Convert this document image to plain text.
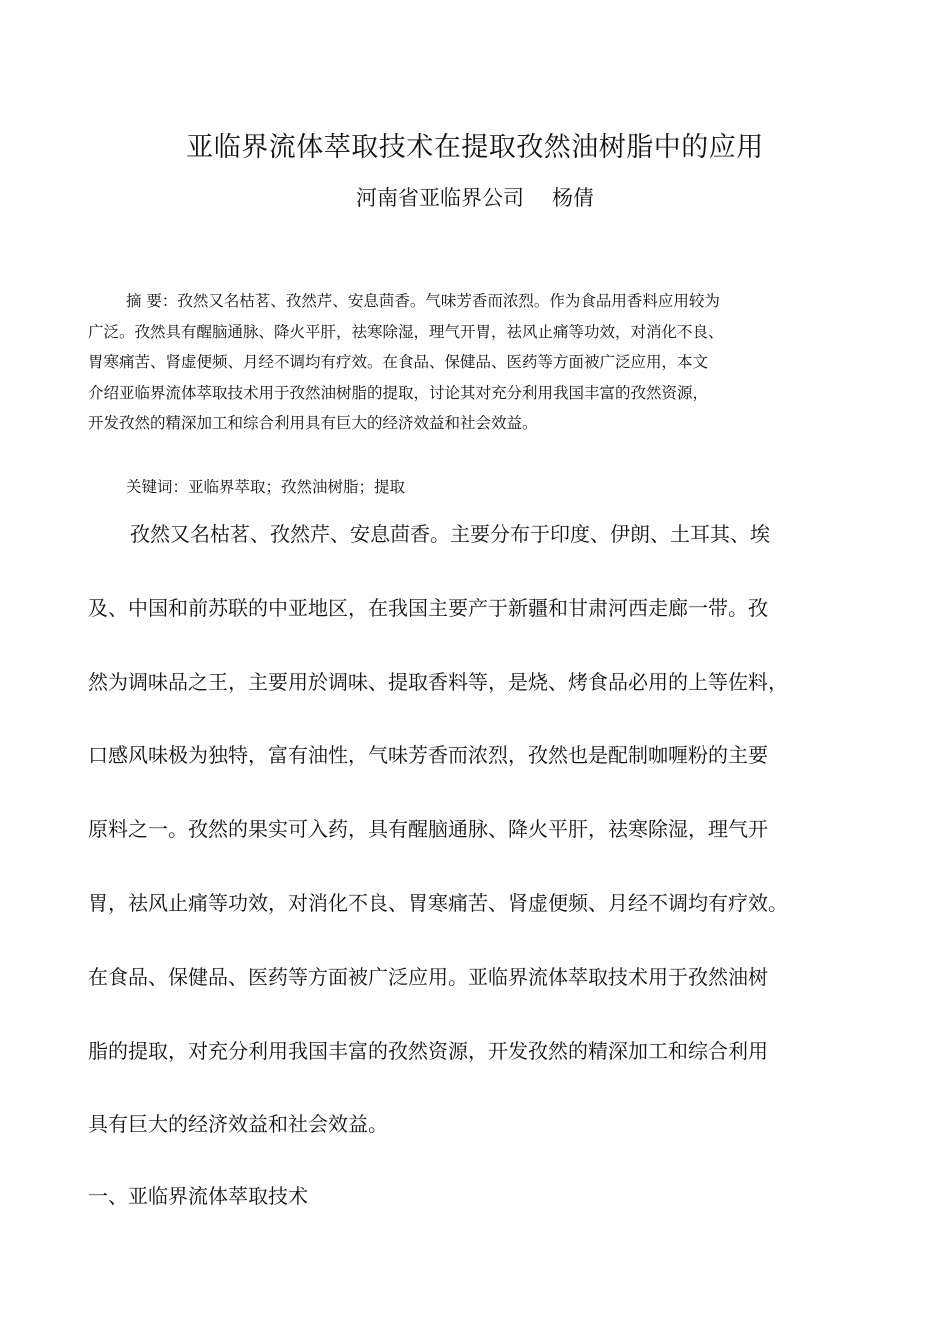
亚临界流体萃取技术在提取孜然油树脂中的应用
河南省亚临界公司 杨倩
摘 要：孜然又名枯茗、孜然芹、安息茴香。气味芳香而浓烈。作为食品用香料应用较为
广泛。孜然具有醒脑通脉、降火平肝，祛寒除湿，理气开胃，祛风止痛等功效，对消化不良、
胃寒痛苦、肾虚便频、月经不调均有疗效。在食品、保健品、医药等方面被广泛应用，本文
介绍亚临界流体萃取技术用于孜然油树脂的提取，讨论其对充分利用我国丰富的孜然资源，
开发孜然的精深加工和综合利用具有巨大的经济效益和社会效益。
关键词：亚临界萃取；孜然油树脂；提取
孜然又名枯茗、孜然芹、安息茴香。主要分布于印度、伊朗、土耳其、埃
及、中国和前苏联的中亚地区，在我国主要产于新疆和甘肃河西走廊一带。孜
然为调味品之王，主要用於调味、提取香料等，是烧、烤食品必用的上等佐料，
口感风味极为独特，富有油性，气味芳香而浓烈，孜然也是配制咖喱粉的主要
原料之一。孜然的果实可入药，具有醒脑通脉、降火平肝，祛寒除湿，理气开
胃，祛风止痛等功效，对消化不良、胃寒痛苦、肾虚便频、月经不调均有疗效。
在食品、保健品、医药等方面被广泛应用。亚临界流体萃取技术用于孜然油树
脂的提取，对充分利用我国丰富的孜然资源，开发孜然的精深加工和综合利用
具有巨大的经济效益和社会效益。
一、亚临界流体萃取技术
